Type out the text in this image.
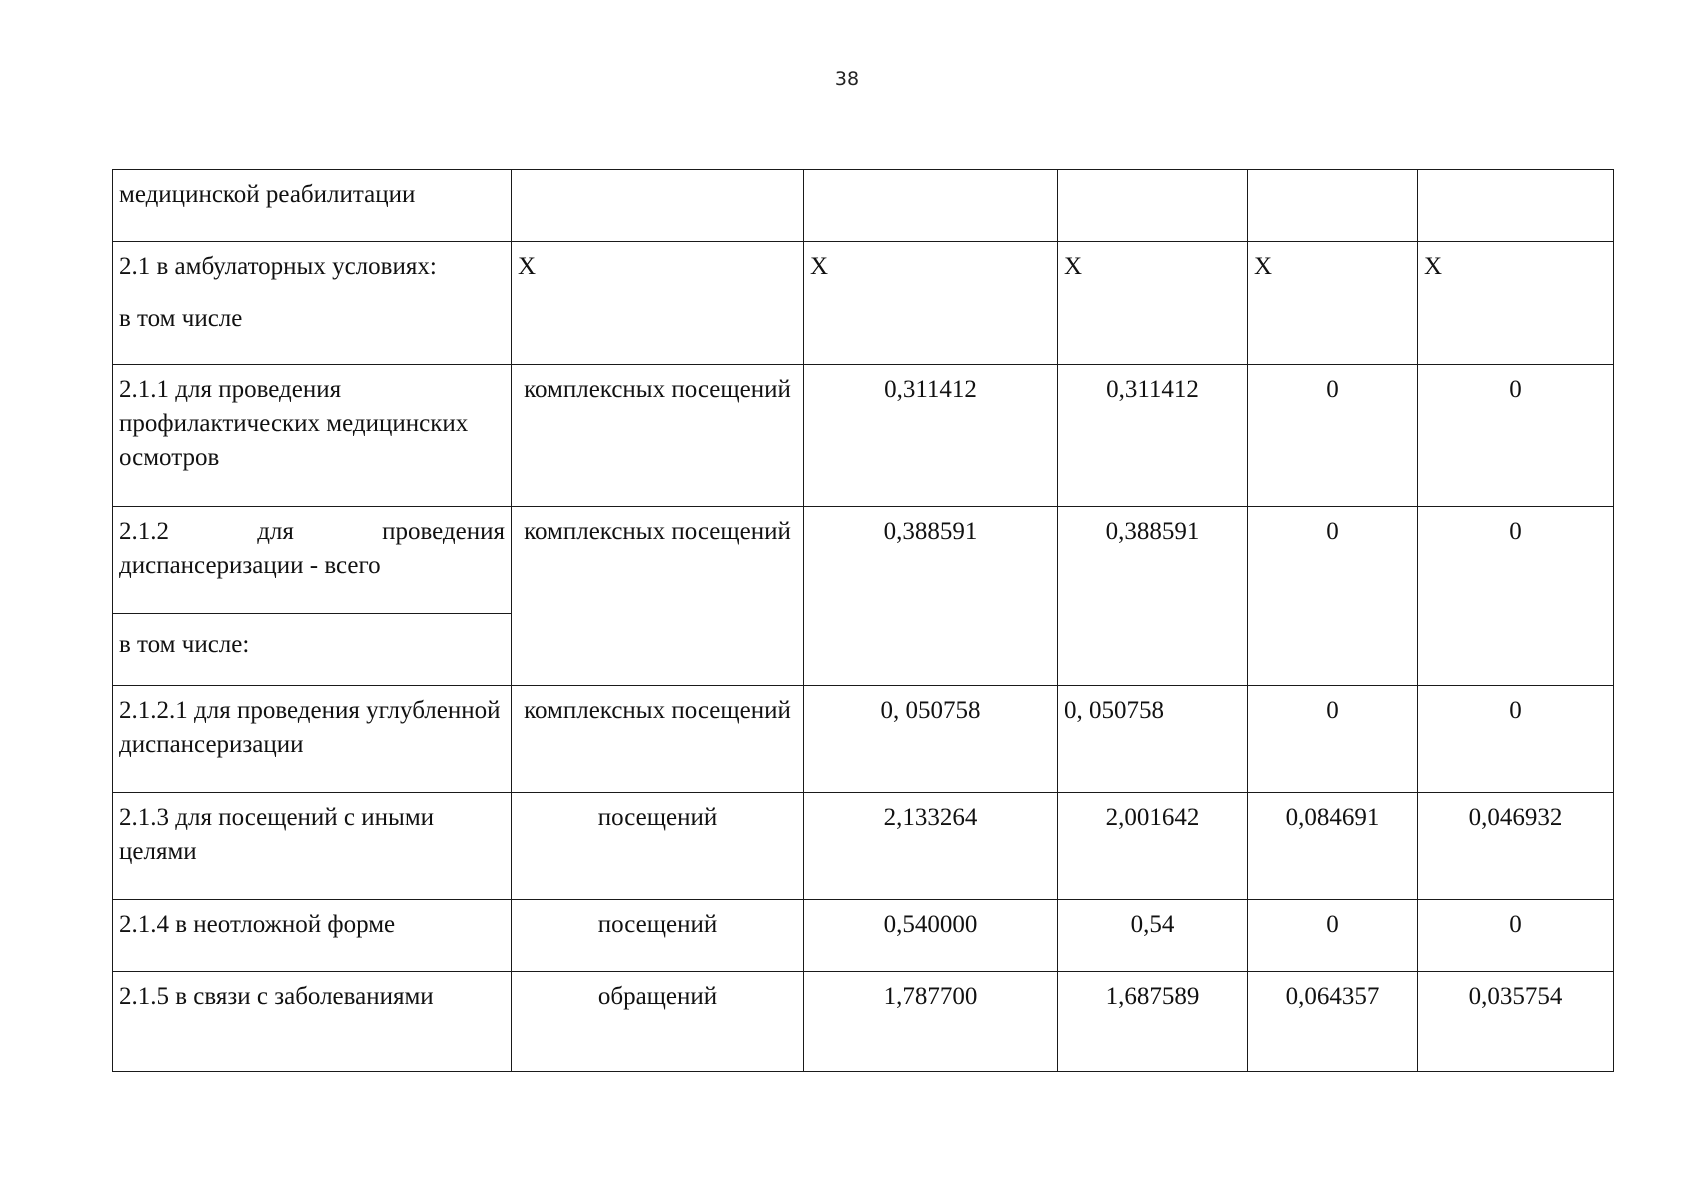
38
медицинской реабилитации					

2.1 в амбулаторных условиях:
в том числе	X	X	X	X	X
2.1.1 для проведения профилактических медицинских осмотров	комплексных посещений	0,311412	0,311412	0	0

2.1.2 для проведения
диспансеризации - всего	комплексных посещений	0,388591	0,388591	0	0
в том числе:					
2.1.2.1 для проведения углубленной диспансеризации	комплексных посещений	0, 050758	0, 050758	0	0
2.1.3 для посещений с иными целями	посещений	2,133264	2,001642	0,084691	0,046932
2.1.4 в неотложной форме	посещений	0,540000	0,54	0	0
2.1.5 в связи с заболеваниями	обращений	1,787700	1,687589	0,064357	0,035754
